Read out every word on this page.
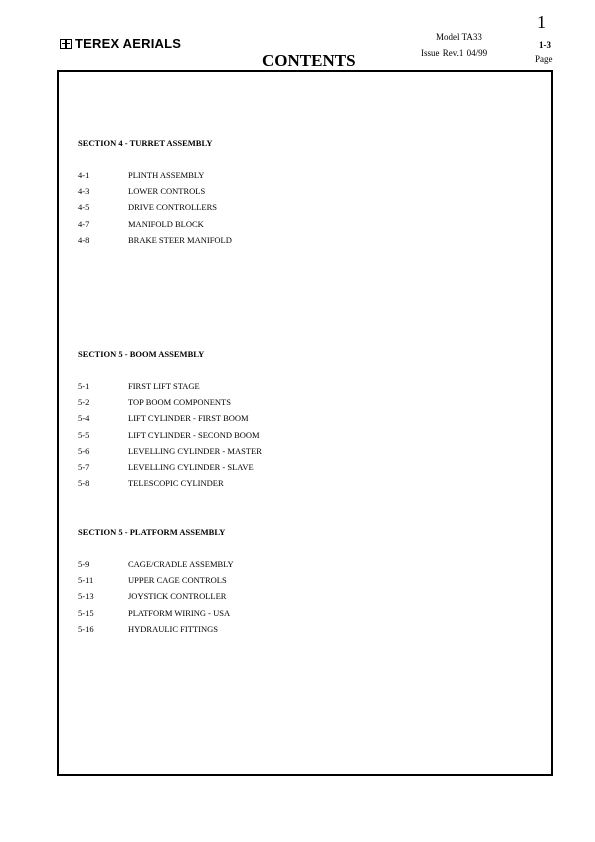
TEREX AERIALS
CONTENTS
Model TA33
Issue Rev.1 04/99
1
1-3
Page
SECTION 4 - TURRET ASSEMBLY
4-1	PLINTH ASSEMBLY
4-3	LOWER CONTROLS
4-5	DRIVE CONTROLLERS
4-7	MANIFOLD BLOCK
4-8	BRAKE STEER MANIFOLD
SECTION 5 - BOOM ASSEMBLY
5-1	FIRST LIFT STAGE
5-2	TOP BOOM COMPONENTS
5-4	LIFT CYLINDER - FIRST BOOM
5-5	LIFT CYLINDER - SECOND BOOM
5-6	LEVELLING CYLINDER - MASTER
5-7	LEVELLING CYLINDER - SLAVE
5-8	TELESCOPIC CYLINDER
SECTION 5 - PLATFORM ASSEMBLY
5-9	CAGE/CRADLE ASSEMBLY
5-11	UPPER CAGE CONTROLS
5-13	JOYSTICK CONTROLLER
5-15	PLATFORM WIRING - USA
5-16	HYDRAULIC FITTINGS
